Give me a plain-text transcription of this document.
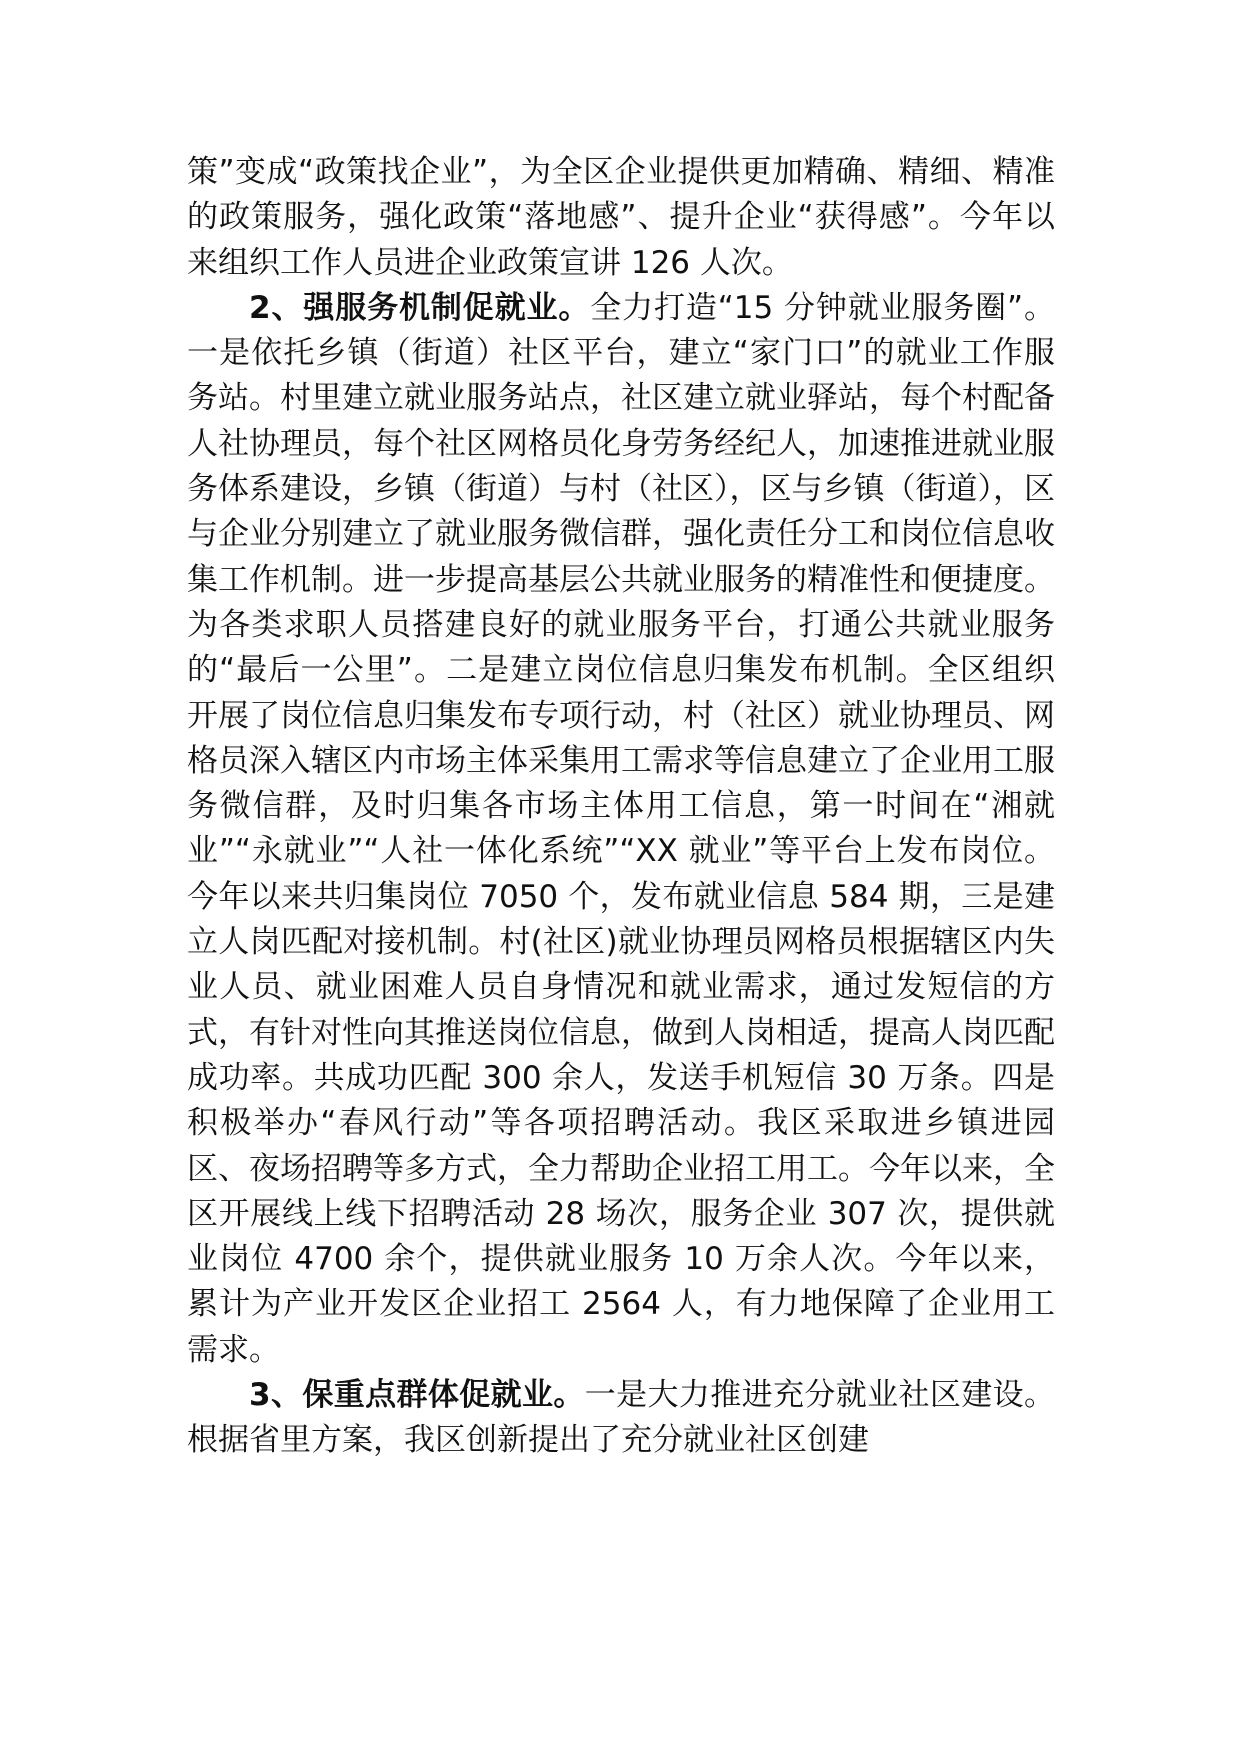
策”变成“政策找企业”，为全区企业提供更加精确、精细、精准的政策服务，强化政策“落地感”、提升企业“获得感”。今年以来组织工作人员进企业政策宣讲 126 人次。

2、强服务机制促就业。全力打造“15 分钟就业服务圈”。一是依托乡镇（街道）社区平台，建立“家门口”的就业工作服务站。村里建立就业服务站点，社区建立就业驿站，每个村配备人社协理员，每个社区网格员化身劳务经纪人，加速推进就业服务体系建设，乡镇（街道）与村（社区），区与乡镇（街道），区与企业分别建立了就业服务微信群，强化责任分工和岗位信息收集工作机制。进一步提高基层公共就业服务的精准性和便捷度。为各类求职人员搭建良好的就业服务平台，打通公共就业服务的“最后一公里”。二是建立岗位信息归集发布机制。全区组织开展了岗位信息归集发布专项行动，村（社区）就业协理员、网格员深入辖区内市场主体采集用工需求等信息建立了企业用工服务微信群，及时归集各市场主体用工信息，第一时间在“湘就业”“永就业”“人社一体化系统”“XX 就业”等平台上发布岗位。今年以来共归集岗位 7050 个，发布就业信息 584 期，三是建立人岗匹配对接机制。村(社区)就业协理员网格员根据辖区内失业人员、就业困难人员自身情况和就业需求，通过发短信的方式，有针对性向其推送岗位信息，做到人岗相适，提高人岗匹配成功率。共成功匹配 300 余人，发送手机短信 30 万条。四是积极举办“春风行动”等各项招聘活动。我区采取进乡镇进园区、夜场招聘等多方式，全力帮助企业招工用工。今年以来，全区开展线上线下招聘活动 28 场次，服务企业 307 次，提供就业岗位 4700 余个，提供就业服务 10 万余人次。今年以来，累计为产业开发区企业招工 2564 人，有力地保障了企业用工需求。

3、保重点群体促就业。一是大力推进充分就业社区建设。根据省里方案，我区创新提出了充分就业社区创建
